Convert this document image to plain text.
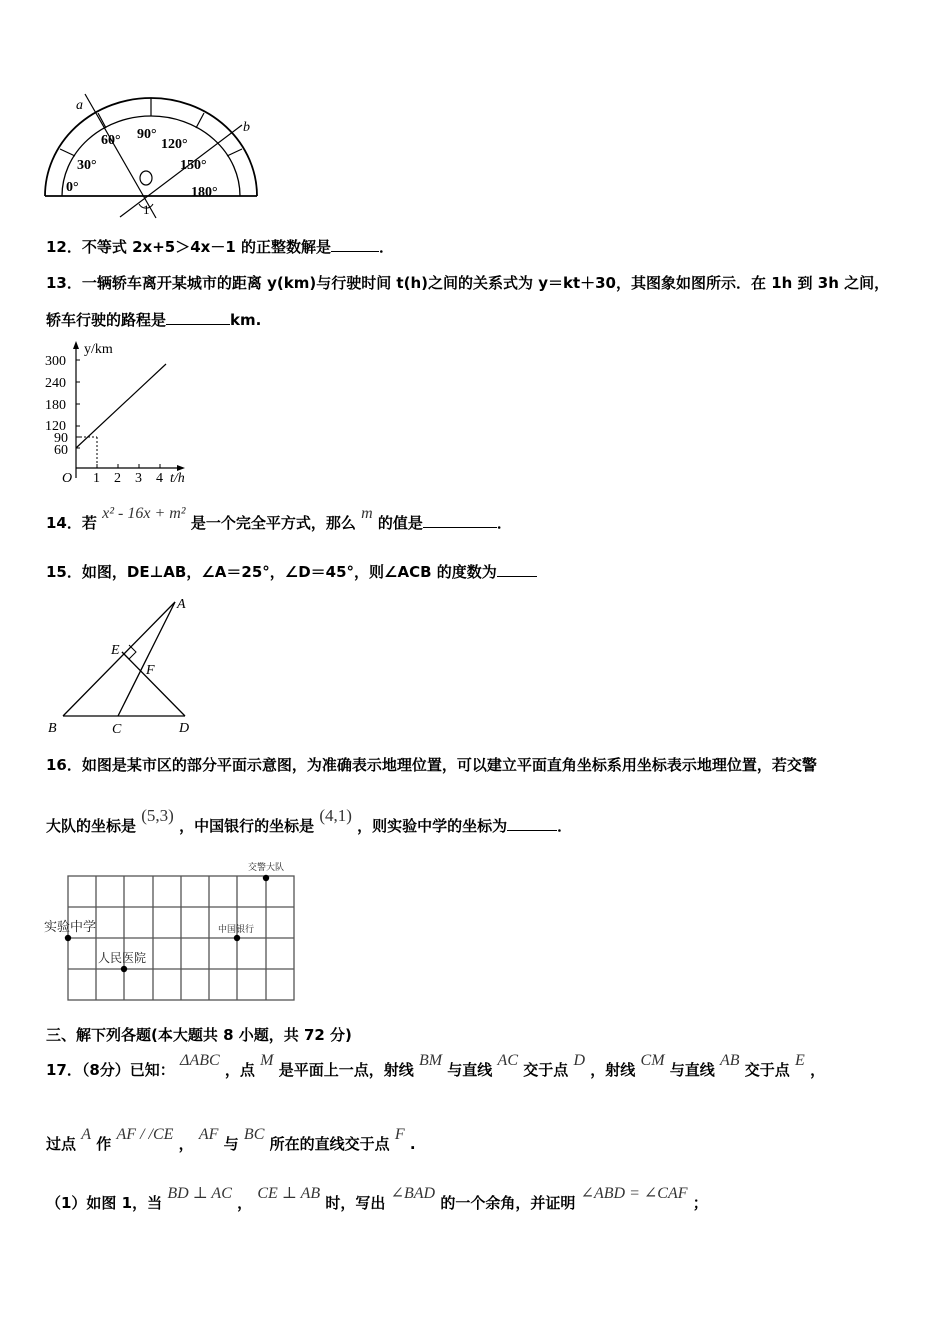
a
b
1
0°
30°
60° 90°
120°
150°
180°
12．不等式 2x+5＞4x－1 的正整数解是	．
13．一辆轿车离开某城市的距离 y(km)与行驶时间 t(h)之间的关系式为 y＝kt＋30，其图象如图所示．在 1h 到 3h 之间，
轿车行驶的路程是	km.
y/km
t/h
O
300
240
180
120
90
60
1 2 3 4
14．若 x² - 16x + m² 是一个完全平方式，那么 m 的值是	．
15．如图，DE⊥AB，∠A＝25°，∠D＝45°，则∠ACB 的度数为
A
B	C	D
E
F
16．如图是某市区的部分平面示意图，为准确表示地理位置，可以建立平面直角坐标系用坐标表示地理位置，若交警
大队的坐标是 (5,3) ，中国银行的坐标是 (4,1) ，则实验中学的坐标为	．
交警大队
实验中学	中国银行
人民医院
三、解下列各题(本大题共 8 小题，共 72 分)
17．（8分）已知： ΔABC ，点 M 是平面上一点，射线 BM 与直线 AC 交于点 D ，射线 CM 与直线 AB 交于点 E ，
过点 A 作 AF / /CE ， AF 与 BC 所在的直线交于点 F .
（1）如图 1，当 BD ⊥ AC ， CE ⊥ AB 时，写出 ∠BAD 的一个余角，并证明 ∠ABD = ∠CAF ；
